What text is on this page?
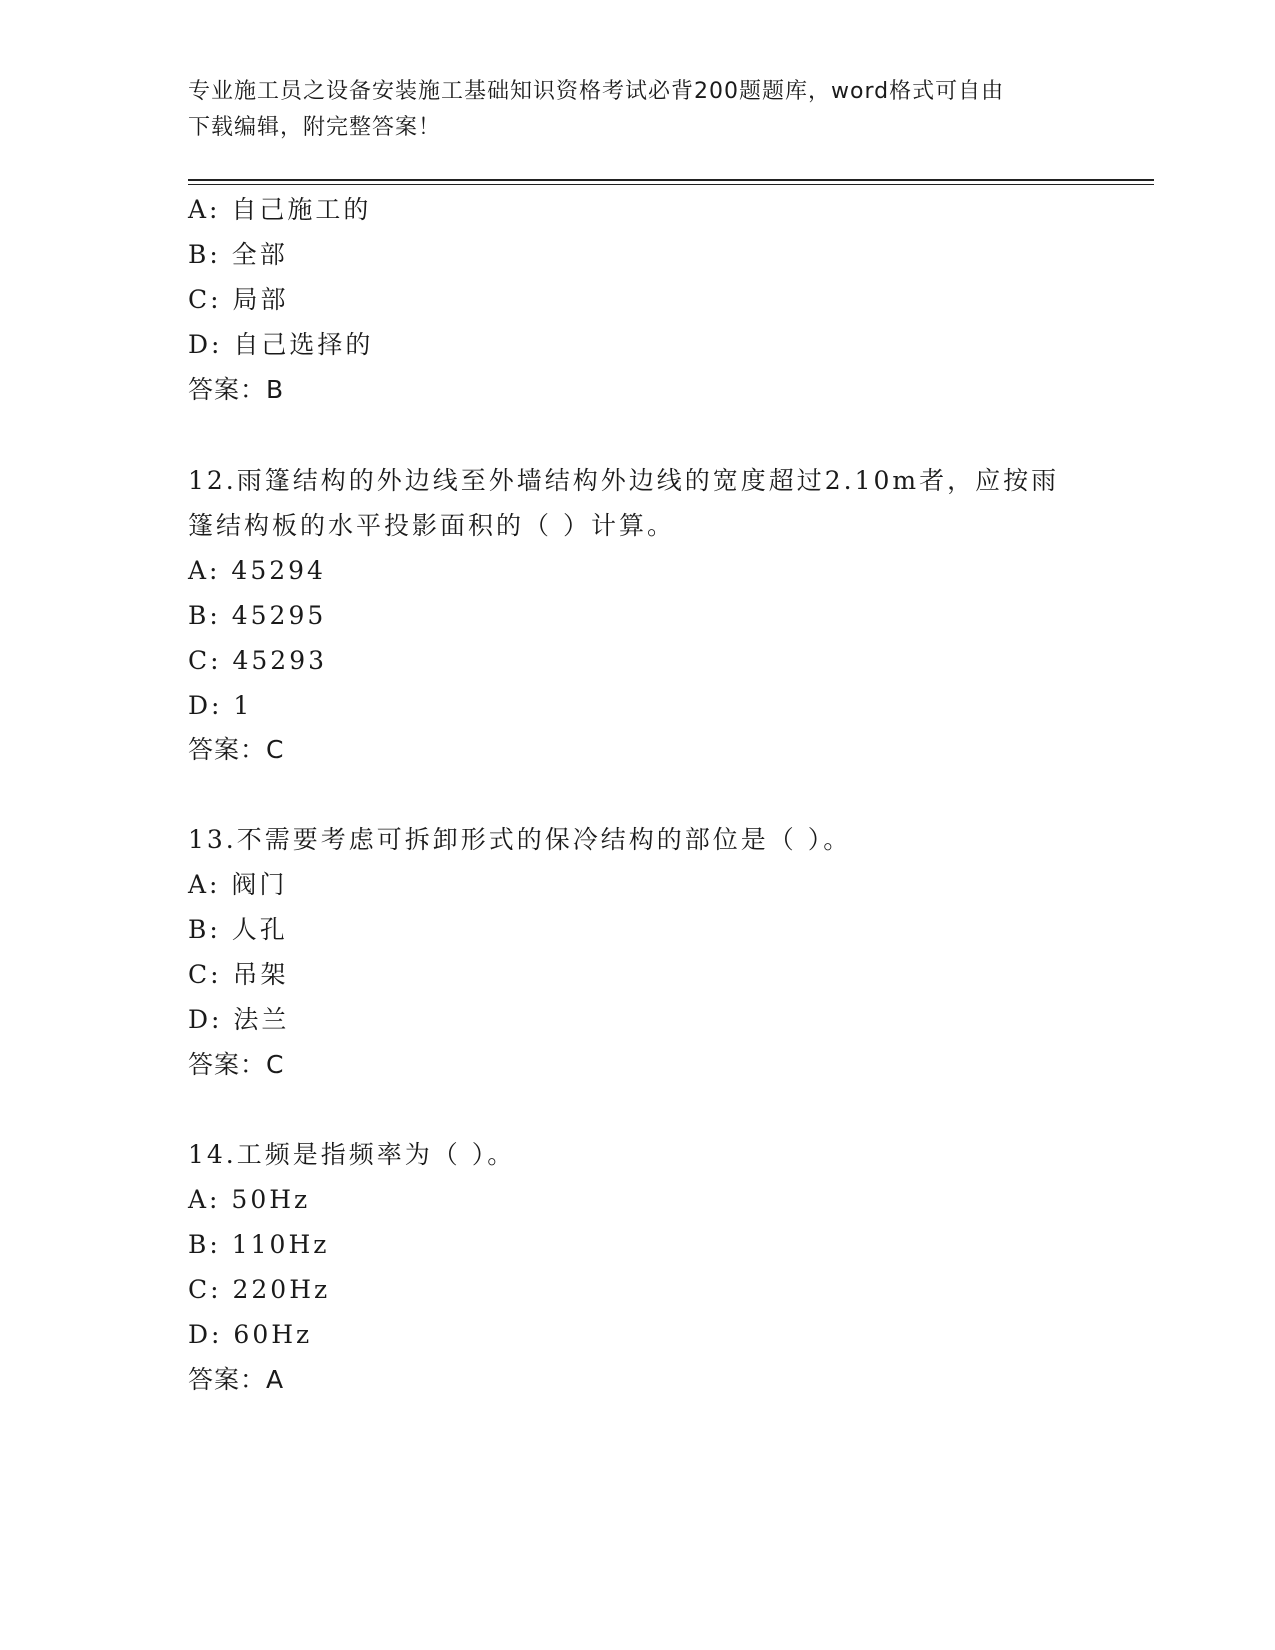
专业施工员之设备安装施工基础知识资格考试必背200题题库，word格式可自由
下载编辑，附完整答案！
A: 自己施工的
B: 全部
C: 局部
D: 自己选择的
答案：B
12.雨篷结构的外边线至外墙结构外边线的宽度超过2.10m者，应按雨
篷结构板的水平投影面积的（ ）计算。
A: 45294
B: 45295
C: 45293
D: 1
答案：C
13.不需要考虑可拆卸形式的保冷结构的部位是（ ）。
A: 阀门
B: 人孔
C: 吊架
D: 法兰
答案：C
14.工频是指频率为（ ）。
A: 50Hz
B: 110Hz
C: 220Hz
D: 60Hz
答案：A
